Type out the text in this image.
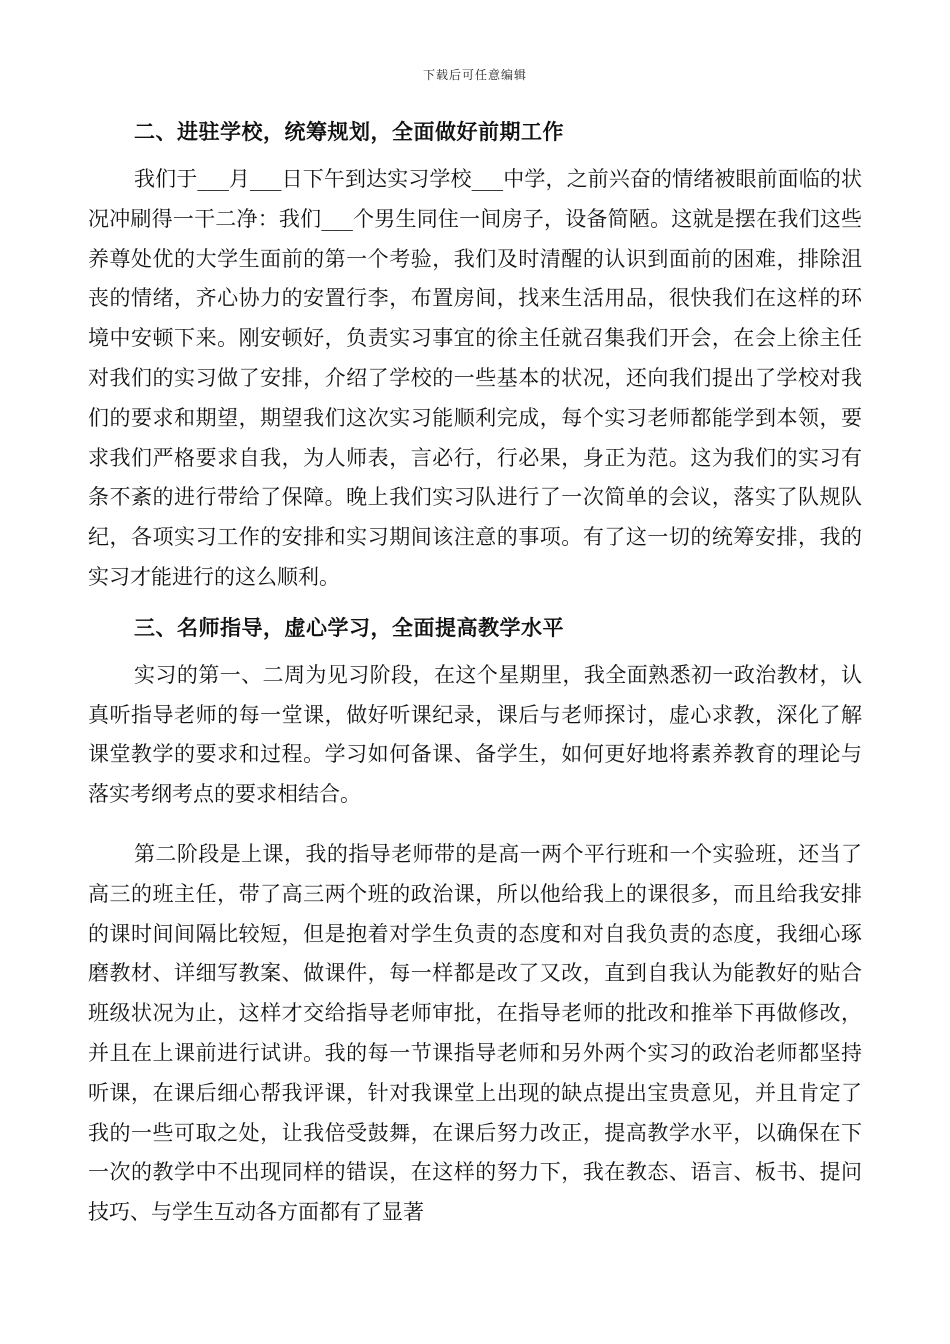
下载后可任意编辑
二、进驻学校，统筹规划，全面做好前期工作

我们于___月___日下午到达实习学校___中学，之前兴奋的情绪被眼前面临的状况冲刷得一干二净：我们___个男生同住一间房子，设备简陋。这就是摆在我们这些养尊处优的大学生面前的第一个考验，我们及时清醒的认识到面前的困难，排除沮丧的情绪，齐心协力的安置行李，布置房间，找来生活用品，很快我们在这样的环境中安顿下来。刚安顿好，负责实习事宜的徐主任就召集我们开会，在会上徐主任对我们的实习做了安排，介绍了学校的一些基本的状况，还向我们提出了学校对我们的要求和期望，期望我们这次实习能顺利完成，每个实习老师都能学到本领，要求我们严格要求自我，为人师表，言必行，行必果，身正为范。这为我们的实习有条不紊的进行带给了保障。晚上我们实习队进行了一次简单的会议，落实了队规队纪，各项实习工作的安排和实习期间该注意的事项。有了这一切的统筹安排，我的实习才能进行的这么顺利。

三、名师指导，虚心学习，全面提高教学水平

实习的第一、二周为见习阶段，在这个星期里，我全面熟悉初一政治教材，认真听指导老师的每一堂课，做好听课纪录，课后与老师探讨，虚心求教，深化了解课堂教学的要求和过程。学习如何备课、备学生，如何更好地将素养教育的理论与落实考纲考点的要求相结合。

第二阶段是上课，我的指导老师带的是高一两个平行班和一个实验班，还当了高三的班主任，带了高三两个班的政治课，所以他给我上的课很多，而且给我安排的课时间间隔比较短，但是抱着对学生负责的态度和对自我负责的态度，我细心琢磨教材、详细写教案、做课件，每一样都是改了又改，直到自我认为能教好的贴合班级状况为止，这样才交给指导老师审批，在指导老师的批改和推举下再做修改，并且在上课前进行试讲。我的每一节课指导老师和另外两个实习的政治老师都坚持听课，在课后细心帮我评课，针对我课堂上出现的缺点提出宝贵意见，并且肯定了我的一些可取之处，让我倍受鼓舞，在课后努力改正，提高教学水平，以确保在下一次的教学中不出现同样的错误，在这样的努力下，我在教态、语言、板书、提问技巧、与学生互动各方面都有了显著
